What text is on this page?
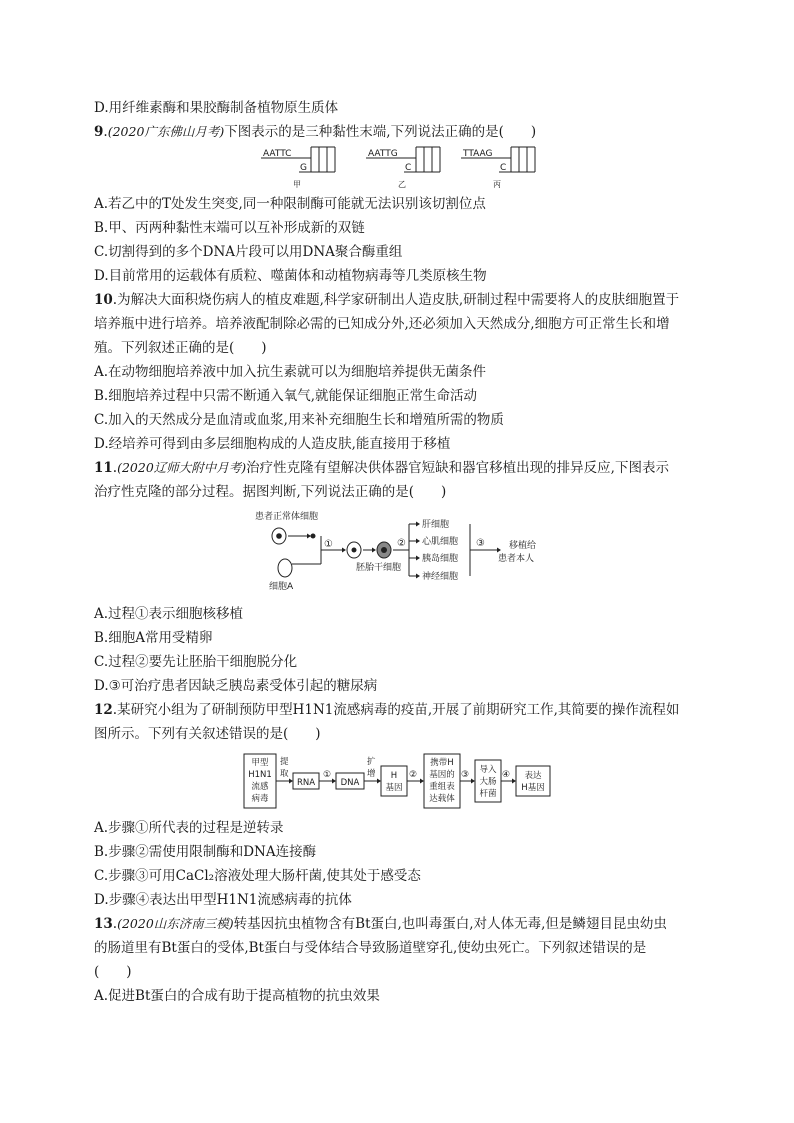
D.用纤维素酶和果胶酶制备植物原生质体
9.(2020广东佛山月考)下图表示的是三种黏性末端,下列说法正确的是(　　)
AATTC
G
甲
AATTG
C
乙
TTAAG
C
丙
A.若乙中的T处发生突变,同一种限制酶可能就无法识别该切割位点
B.甲、丙两种黏性末端可以互补形成新的双链
C.切割得到的多个DNA片段可以用DNA聚合酶重组
D.目前常用的运载体有质粒、噬菌体和动植物病毒等几类原核生物
10.为解决大面积烧伤病人的植皮难题,科学家研制出人造皮肤,研制过程中需要将人的皮肤细胞置于
培养瓶中进行培养。培养液配制除必需的已知成分外,还必须加入天然成分,细胞方可正常生长和增
殖。下列叙述正确的是(　　)
A.在动物细胞培养液中加入抗生素就可以为细胞培养提供无菌条件
B.细胞培养过程中只需不断通入氧气,就能保证细胞正常生命活动
C.加入的天然成分是血清或血浆,用来补充细胞生长和增殖所需的物质
D.经培养可得到由多层细胞构成的人造皮肤,能直接用于移植
11.(2020辽师大附中月考)治疗性克隆有望解决供体器官短缺和器官移植出现的排异反应,下图表示
治疗性克隆的部分过程。据图判断,下列说法正确的是(　　)
患者正常体细胞
①
细胞A
胚胎干细胞
②
肝细胞
心肌细胞
胰岛细胞
神经细胞
③	移植给
患者本人
A.过程①表示细胞核移植
B.细胞A常用受精卵
C.过程②要先让胚胎干细胞脱分化
D.③可治疗患者因缺乏胰岛素受体引起的糖尿病
12.某研究小组为了研制预防甲型H1N1流感病毒的疫苗,开展了前期研究工作,其简要的操作流程如
图所示。下列有关叙述错误的是(　　)
甲型
H1N1
流感
病毒
提
取
RNA
①
DNA
扩
增 H
基因
②
携带H
基因的
重组表
达载体
③ 导入
大肠
杆菌
④ 表达
H基因
A.步骤①所代表的过程是逆转录
B.步骤②需使用限制酶和DNA连接酶
C.步骤③可用CaCl₂溶液处理大肠杆菌,使其处于感受态
D.步骤④表达出甲型H1N1流感病毒的抗体
13.(2020山东济南三模)转基因抗虫植物含有Bt蛋白,也叫毒蛋白,对人体无毒,但是鳞翅目昆虫幼虫
的肠道里有Bt蛋白的受体,Bt蛋白与受体结合导致肠道壁穿孔,使幼虫死亡。下列叙述错误的是
(　　)
A.促进Bt蛋白的合成有助于提高植物的抗虫效果
